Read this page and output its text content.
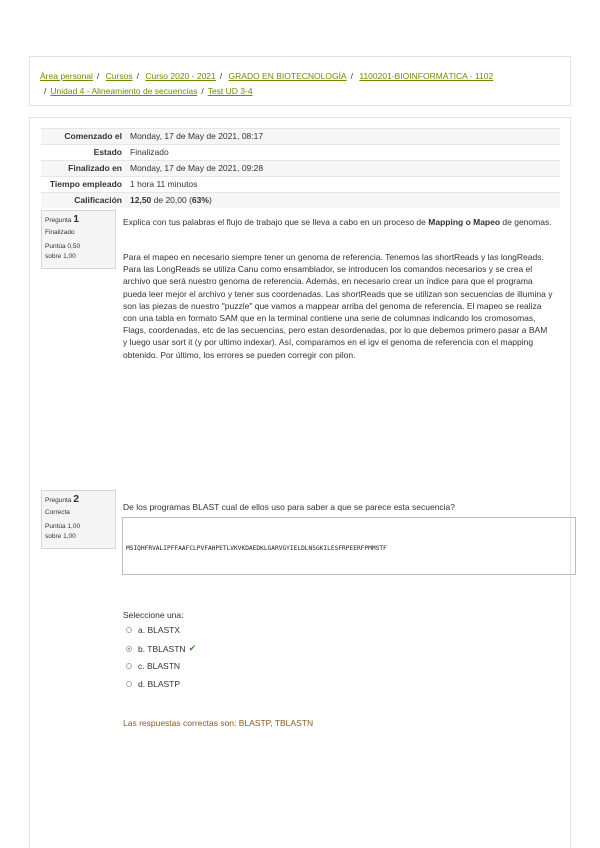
Área personal / Cursos / Curso 2020 - 2021 / GRADO EN BIOTECNOLOGÍA / 1100201-BIOINFORMÁTICA - 1102
/ Unidad 4 - Alineamiento de secuencias / Test UD 3-4
Comenzado el	Monday, 17 de May de 2021, 08:17
Estado	Finalizado
Finalizado en	Monday, 17 de May de 2021, 09:28
Tiempo empleado	1 hora 11 minutos
Calificación	12,50 de 20,00 (63%)
Pregunta 1
Finalizado
Puntúa 0,50
sobre 1,00
Explica con tus palabras el flujo de trabajo que se lleva a cabo en un proceso de Mapping o Mapeo de genomas.
Para el mapeo en necesario siempre tener un genoma de referencia. Tenemos las shortReads y las longReads. Para las LongReads se utiliza Canu como ensamblador, se introducen los comandos necesarios y se crea el archivo que será nuestro genoma de referencia. Además, en necesario crear un índice para que el programa pueda leer mejor el archivo y tener sus coordenadas. Las shortReads que se utilizan son secuencias de illumina y son las piezas de nuestro "puzzle" que vamos a mappear arriba del genoma de referencia. El mapeo se realiza con una tabla en formato SAM que en la terminal contiene una serie de columnas indicando los cromosomas, Flags, coordenadas, etc de las secuencias, pero estan desordenadas, por lo que debemos primero pasar a BAM y luego usar sort it (y por ultimo indexar). Así, comparamos en el igv el genoma de referencia con el mapping obtenido. Por último, los errores se pueden corregir con pilon.
Pregunta 2
Correcta
Puntúa 1,00
sobre 1,00
De los programas BLAST cual de ellos uso para saber a que se parece esta secuencia?

MSIQHFRVALIPFFAAFCLPVFAHPETLVKVKDAEDKLGARVGYIELDLNSGKILESFRPEERFPMMSTF

Seleccione una:
a. BLASTX
b. TBLASTN ✔
c. BLASTN
d. BLASTP
Las respuestas correctas son: BLASTP, TBLASTN
